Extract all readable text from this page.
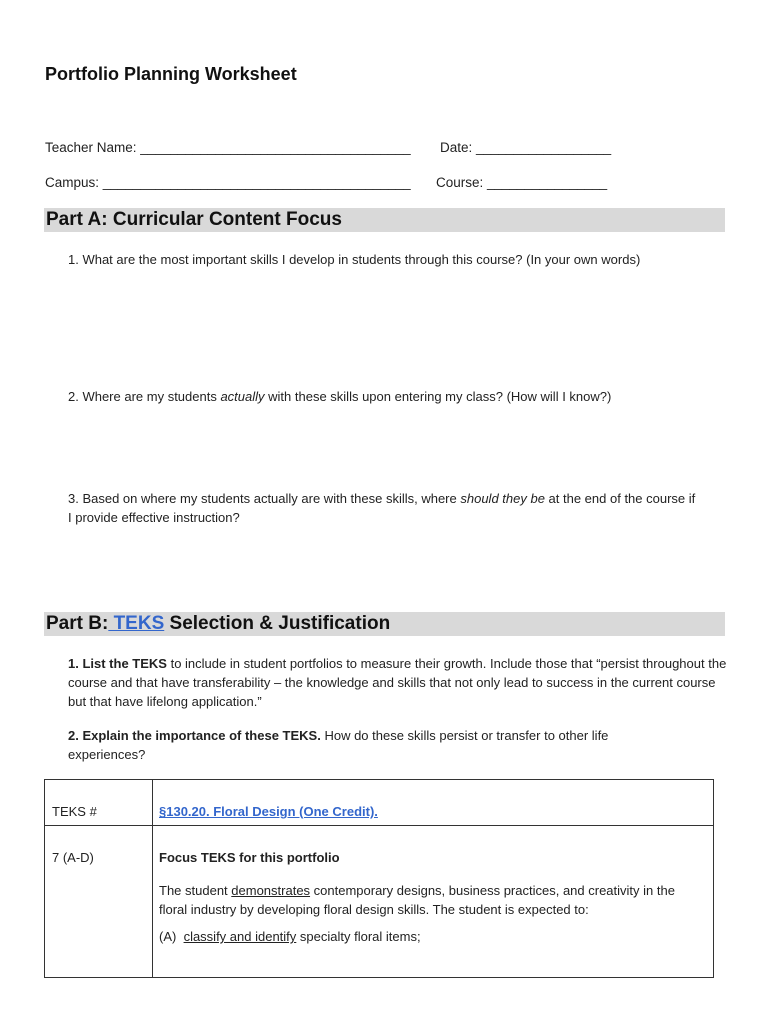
Portfolio Planning Worksheet
Teacher Name: ____________________________________ Date: __________________
Campus: _________________________________________ Course: ________________
Part A: Curricular Content Focus
1. What are the most important skills I develop in students through this course? (In your own words)
2. Where are my students actually with these skills upon entering my class? (How will I know?)
3. Based on where my students actually are with these skills, where should they be at the end of the course if I provide effective instruction?
Part B: TEKS Selection & Justification
1. List the TEKS to include in student portfolios to measure their growth. Include those that “persist throughout the course and that have transferability – the knowledge and skills that not only lead to success in the current course but that have lifelong application.”
2. Explain the importance of these TEKS. How do these skills persist or transfer to other life experiences?
TEKS #	§130.20. Floral Design (One Credit).

7 (A-D)	Focus TEKS for this portfolio
The student demonstrates contemporary designs, business practices, and creativity in the floral industry by developing floral design skills. The student is expected to:
(A)  classify and identify specialty floral items;
